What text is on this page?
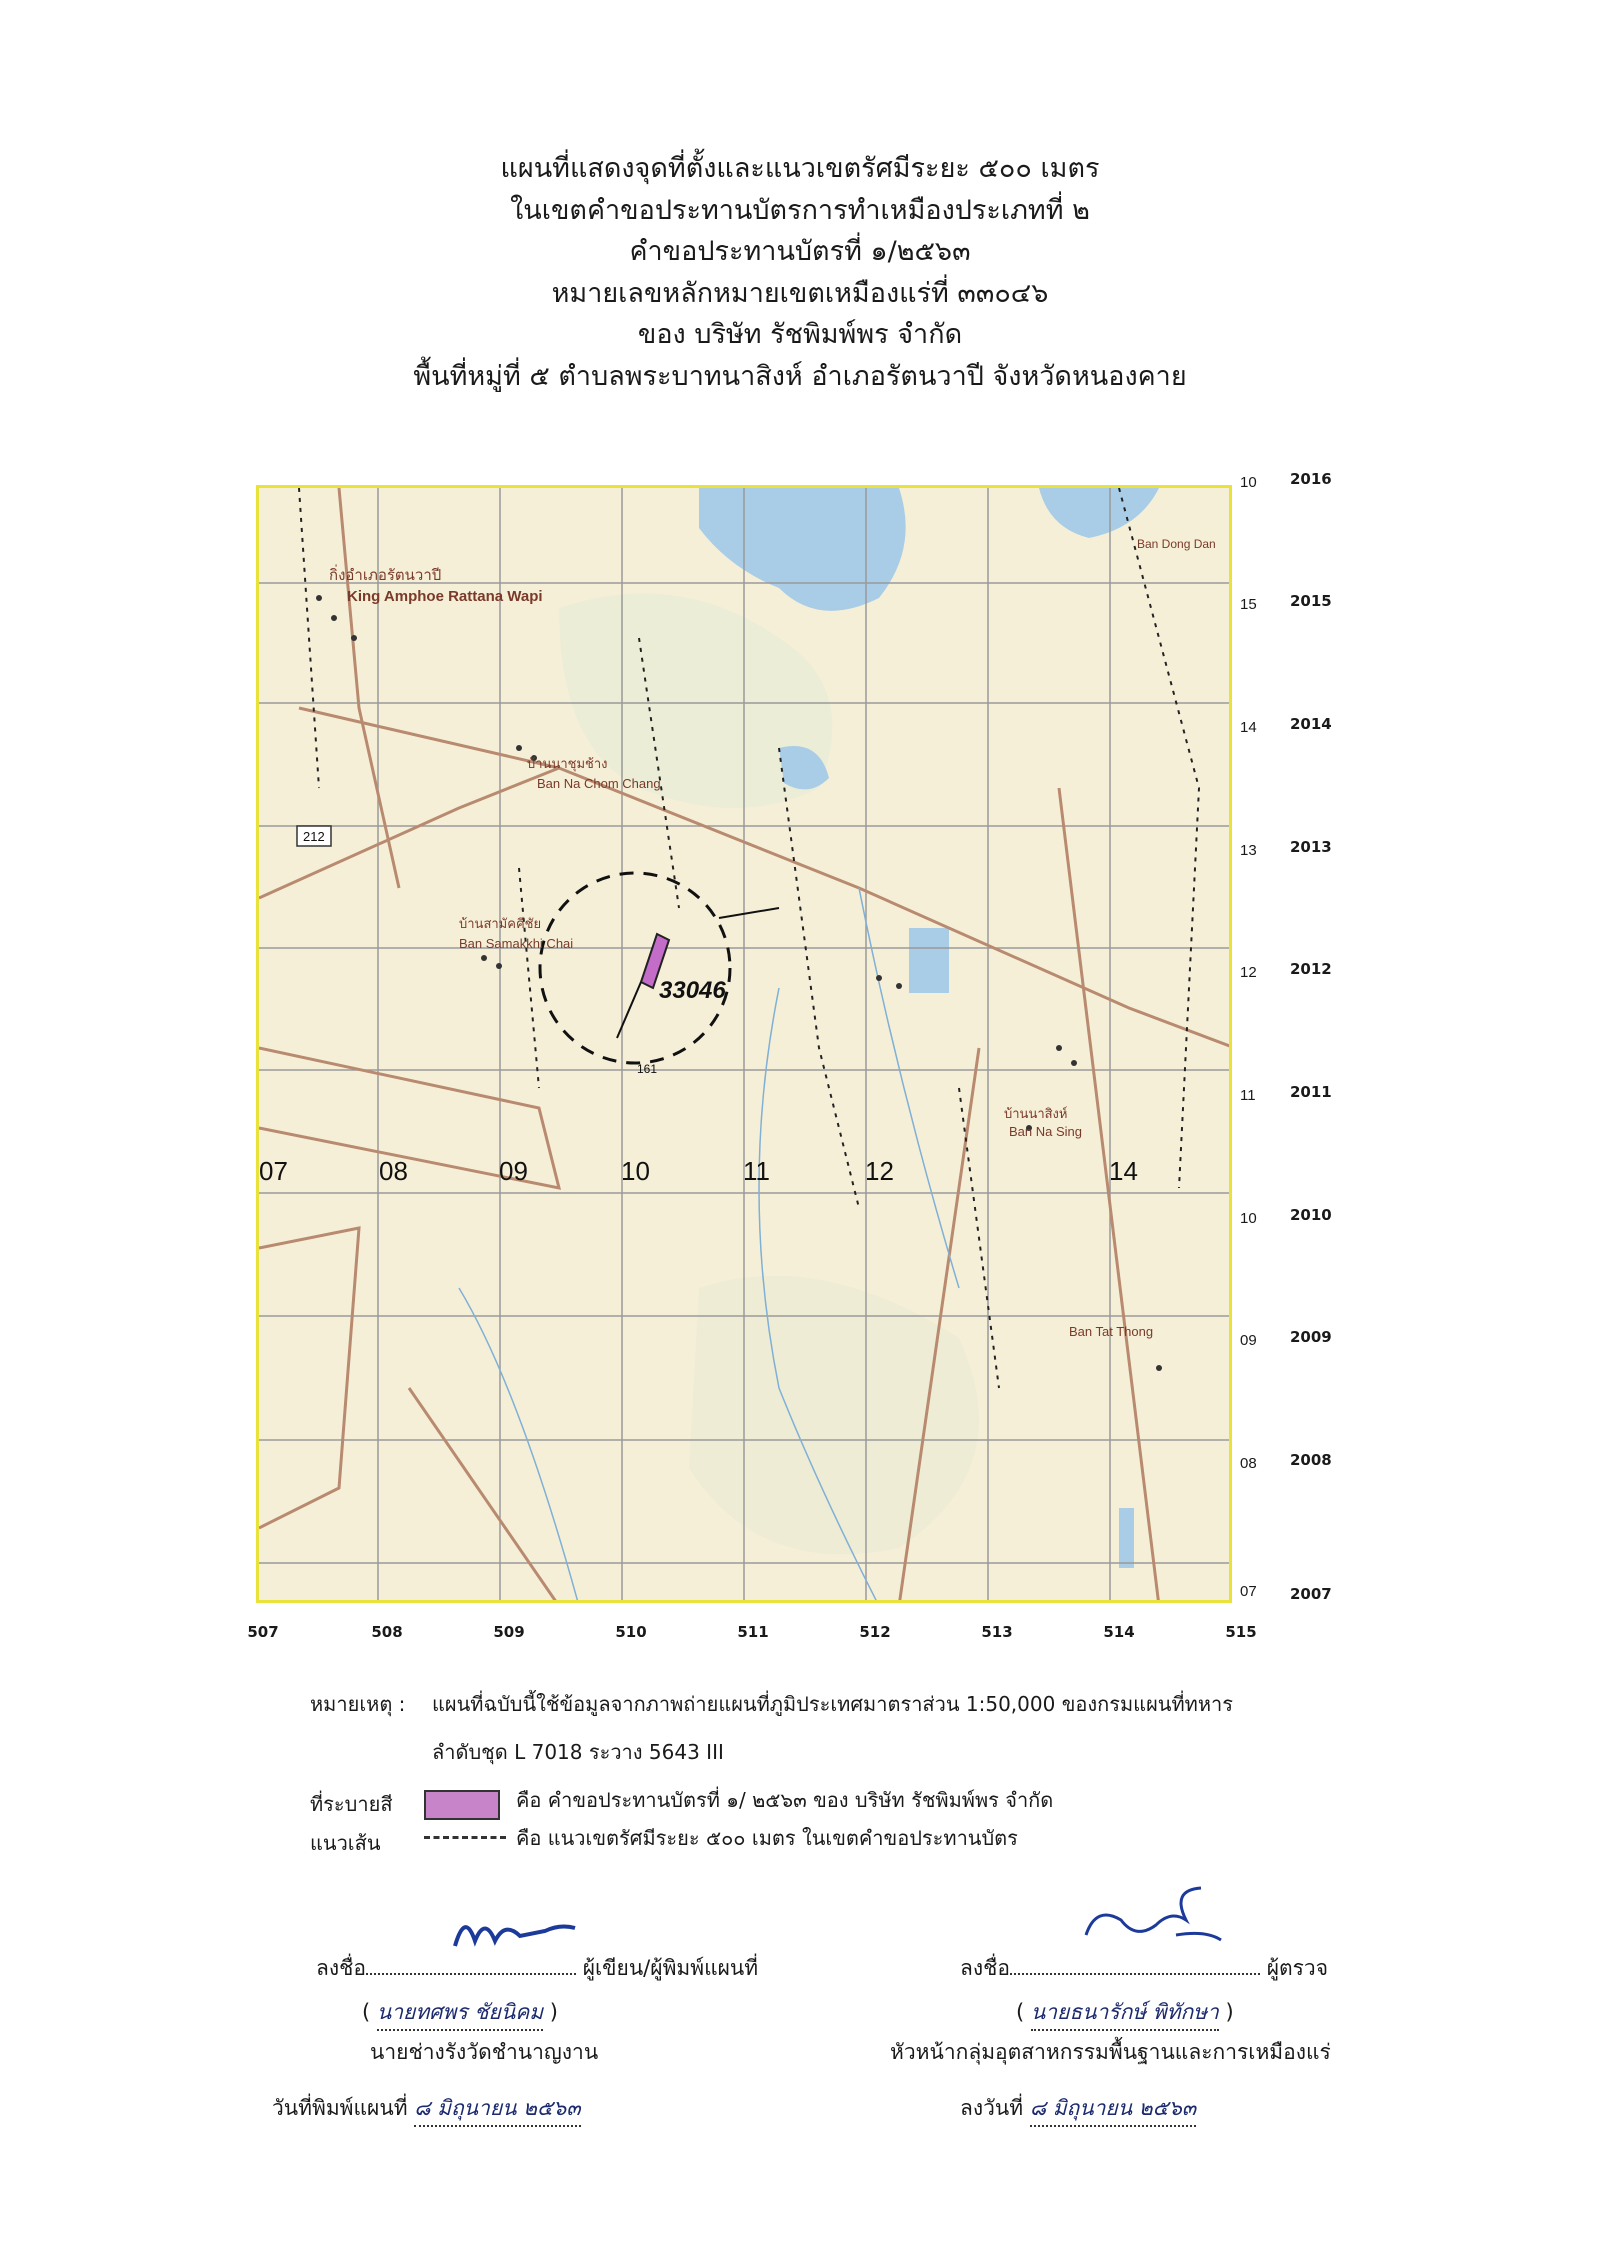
แผนที่แสดงจุดที่ตั้งและแนวเขตรัศมีระยะ ๕๐๐ เมตร
ในเขตคำขอประทานบัตรการทำเหมืองประเภทที่ ๒
คำขอประทานบัตรที่ ๑/๒๕๖๓
หมายเลขหลักหมายเขตเหมืองแร่ที่ ๓๓๐๔๖
ของ บริษัท รัชพิมพ์พร จำกัด
พื้นที่หมู่ที่ ๕ ตำบลพระบาทนาสิงห์ อำเภอรัตนวาปี จังหวัดหนองคาย
33046
กิ่งอำเภอรัตนวาปี
King Amphoe Rattana Wapi
บ้านนาชุมช้าง
Ban Na Chom Chang
บ้านสามัคคีชัย
Ban Samakkhi Chai
บ้านนาสิงห์
Ban Na Sing
Ban Tat Thong
Ban Dong Dan
212
161
07	08	09	10	11	12	14
507	508	509	510	511	512	513	514	515
2016
2015
2014
2013
2012
2011
2010
2009
2008
2007
10
15
14
13
12
11
10
09
08
07
หมายเหตุ : แผนที่ฉบับนี้ใช้ข้อมูลจากภาพถ่ายแผนที่ภูมิประเทศมาตราส่วน 1:50,000 ของกรมแผนที่ทหาร
ลำดับชุด L 7018 ระวาง 5643 III
ที่ระบายสี	คือ คำขอประทานบัตรที่ ๑/ ๒๕๖๓ ของ บริษัท รัชพิมพ์พร จำกัด
แนวเส้น	คือ แนวเขตรัศมีระยะ ๕๐๐ เมตร ในเขตคำขอประทานบัตร
ลงชื่อ	ผู้เขียน/ผู้พิมพ์แผนที่
( นายทศพร ชัยนิคม )
นายช่างรังวัดชำนาญงาน
วันที่พิมพ์แผนที่ ๘ มิถุนายน ๒๕๖๓
ลงชื่อ	ผู้ตรวจ
( นายธนารักษ์ พิทักษา )
หัวหน้ากลุ่มอุตสาหกรรมพื้นฐานและการเหมืองแร่
ลงวันที่ ๘ มิถุนายน ๒๕๖๓
